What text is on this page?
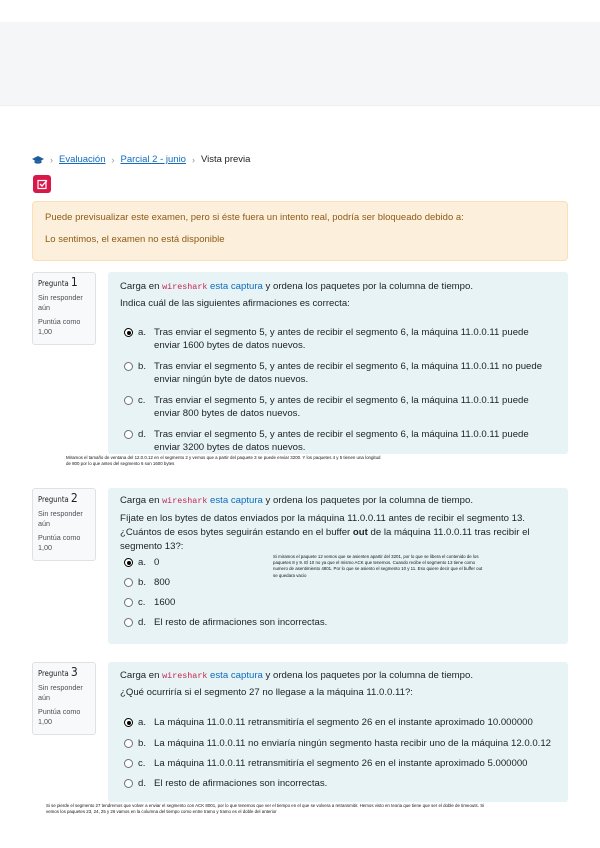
› Evaluación › Parcial 2 - junio › Vista previa

Puede previsualizar este examen, pero si éste fuera un intento real, podría ser bloqueado debido a:

Lo sentimos, el examen no está disponible

Pregunta 1
Sin responder aún
Puntúa como 1,00
Carga en wireshark esta captura y ordena los paquetes por la columna de tiempo.
Indica cuál de las siguientes afirmaciones es correcta:
a. Tras enviar el segmento 5, y antes de recibir el segmento 6, la máquina 11.0.0.11 puede enviar 1600 bytes de datos nuevos.
b. Tras enviar el segmento 5, y antes de recibir el segmento 6, la máquina 11.0.0.11 no puede enviar ningún byte de datos nuevos.
c. Tras enviar el segmento 5, y antes de recibir el segmento 6, la máquina 11.0.0.11 puede enviar 800 bytes de datos nuevos.
d. Tras enviar el segmento 5, y antes de recibir el segmento 6, la máquina 11.0.0.11 puede enviar 3200 bytes de datos nuevos.
Miramos el tamaño de ventana del 12.0.0.12 en el segmento 2 y vemos que a partir del paquete 3 se puede enviar 3200. Y los paquetes 4 y 5 tienen una longitud de 800 por lo que antes del segmento 6 son 1600 bytes
Pregunta 2
Sin responder aún
Puntúa como 1,00
Carga en wireshark esta captura y ordena los paquetes por la columna de tiempo.
Fíjate en los bytes de datos enviados por la máquina 11.0.0.11 antes de recibir el segmento 13. ¿Cuántos de esos bytes seguirán estando en el buffer out de la máquina 11.0.0.11 tras recibir el segmento 13?:
a. 0
b. 800
c. 1600
d. El resto de afirmaciones son incorrectas.
Si miramos el paquete 12 vemos que se asienten apartir del 3201, por lo que se libera el contenido de los paquetes 8 y 9. El 10 no ya que el mismo ACK que tenemos. Cuando recibe el segmento 13 tiene como numero de asentimiento 4801. Por lo que se asiento el segmento 10 y 11. Eso quiere decir que el buffer out se quedara vacio
Pregunta 3
Sin responder aún
Puntúa como 1,00
Carga en wireshark esta captura y ordena los paquetes por la columna de tiempo.
¿Qué ocurriría si el segmento 27 no llegase a la máquina 11.0.0.11?:
a. La máquina 11.0.0.11 retransmitiría el segmento 26 en el instante aproximado 10.000000
b. La máquina 11.0.0.11 no enviaría ningún segmento hasta recibir uno de la máquina 12.0.0.12
c. La máquina 11.0.0.11 retransmitiría el segmento 26 en el instante aproximado 5.000000
d. El resto de afirmaciones son incorrectas.
Si se pierde el segmento 27 tendremos que volver a enviar el segmento con ACK 8001, por lo que tenemos que ver el tiempo en el que se volvera a retransmitir. Hemos visto en teoria que tiene que ser el doble de timeouts. Si vemos los paquetes 23, 24, 25 y 26 vamos en la columna del tiempo como entre tramo y tramo es el doble del anterior
